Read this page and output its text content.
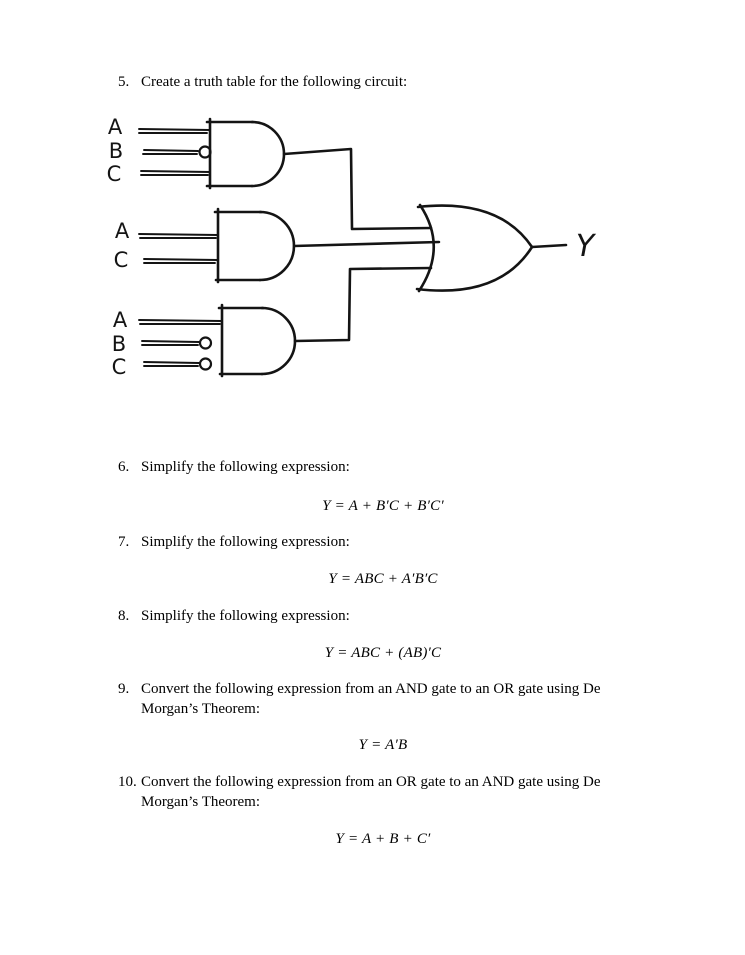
5. Create a truth table for the following circuit:
A
B
C
A
C
A
B
C
Y
6. Simplify the following expression:
Y = A + B′C + B′C′
7. Simplify the following expression:
Y = ABC + A′B′C
8. Simplify the following expression:
Y = ABC + (AB)′C
9. Convert the following expression from an AND gate to an OR gate using De Morgan’s Theorem:
Y = A′B
10. Convert the following expression from an OR gate to an AND gate using De Morgan’s Theorem:
Y = A + B + C′
